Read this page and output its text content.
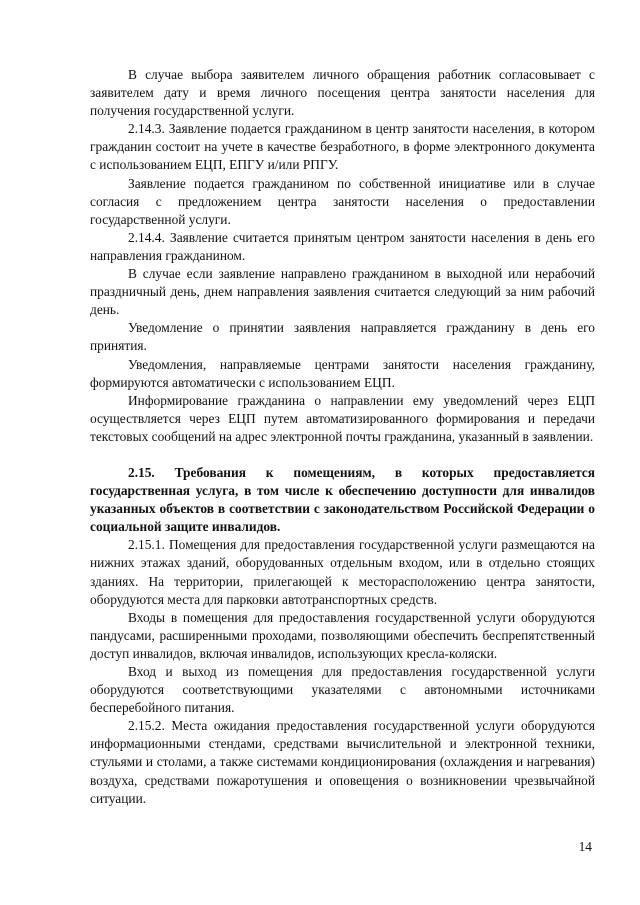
В случае выбора заявителем личного обращения работник согласовывает с заявителем дату и время личного посещения центра занятости населения для получения государственной услуги.

2.14.3. Заявление подается гражданином в центр занятости населения, в котором гражданин состоит на учете в качестве безработного, в форме электронного документа с использованием ЕЦП, ЕПГУ и/или РПГУ.

Заявление подается гражданином по собственной инициативе или в случае согласия с предложением центра занятости населения о предоставлении государственной услуги.

2.14.4. Заявление считается принятым центром занятости населения в день его направления гражданином.

В случае если заявление направлено гражданином в выходной или нерабочий праздничный день, днем направления заявления считается следующий за ним рабочий день.

Уведомление о принятии заявления направляется гражданину в день его принятия.

Уведомления, направляемые центрами занятости населения гражданину, формируются автоматически с использованием ЕЦП.

Информирование гражданина о направлении ему уведомлений через ЕЦП осуществляется через ЕЦП путем автоматизированного формирования и передачи текстовых сообщений на адрес электронной почты гражданина, указанный в заявлении.

2.15. Требования к помещениям, в которых предоставляется государственная услуга, в том числе к обеспечению доступности для инвалидов указанных объектов в соответствии с законодательством Российской Федерации о социальной защите инвалидов.

2.15.1. Помещения для предоставления государственной услуги размещаются на нижних этажах зданий, оборудованных отдельным входом, или в отдельно стоящих зданиях. На территории, прилегающей к месторасположению центра занятости, оборудуются места для парковки автотранспортных средств.

Входы в помещения для предоставления государственной услуги оборудуются пандусами, расширенными проходами, позволяющими обеспечить беспрепятственный доступ инвалидов, включая инвалидов, использующих кресла-коляски.

Вход и выход из помещения для предоставления государственной услуги оборудуются соответствующими указателями с автономными источниками бесперебойного питания.

2.15.2. Места ожидания предоставления государственной услуги оборудуются информационными стендами, средствами вычислительной и электронной техники, стульями и столами, а также системами кондиционирования (охлаждения и нагревания) воздуха, средствами пожаротушения и оповещения о возникновении чрезвычайной ситуации.

14
